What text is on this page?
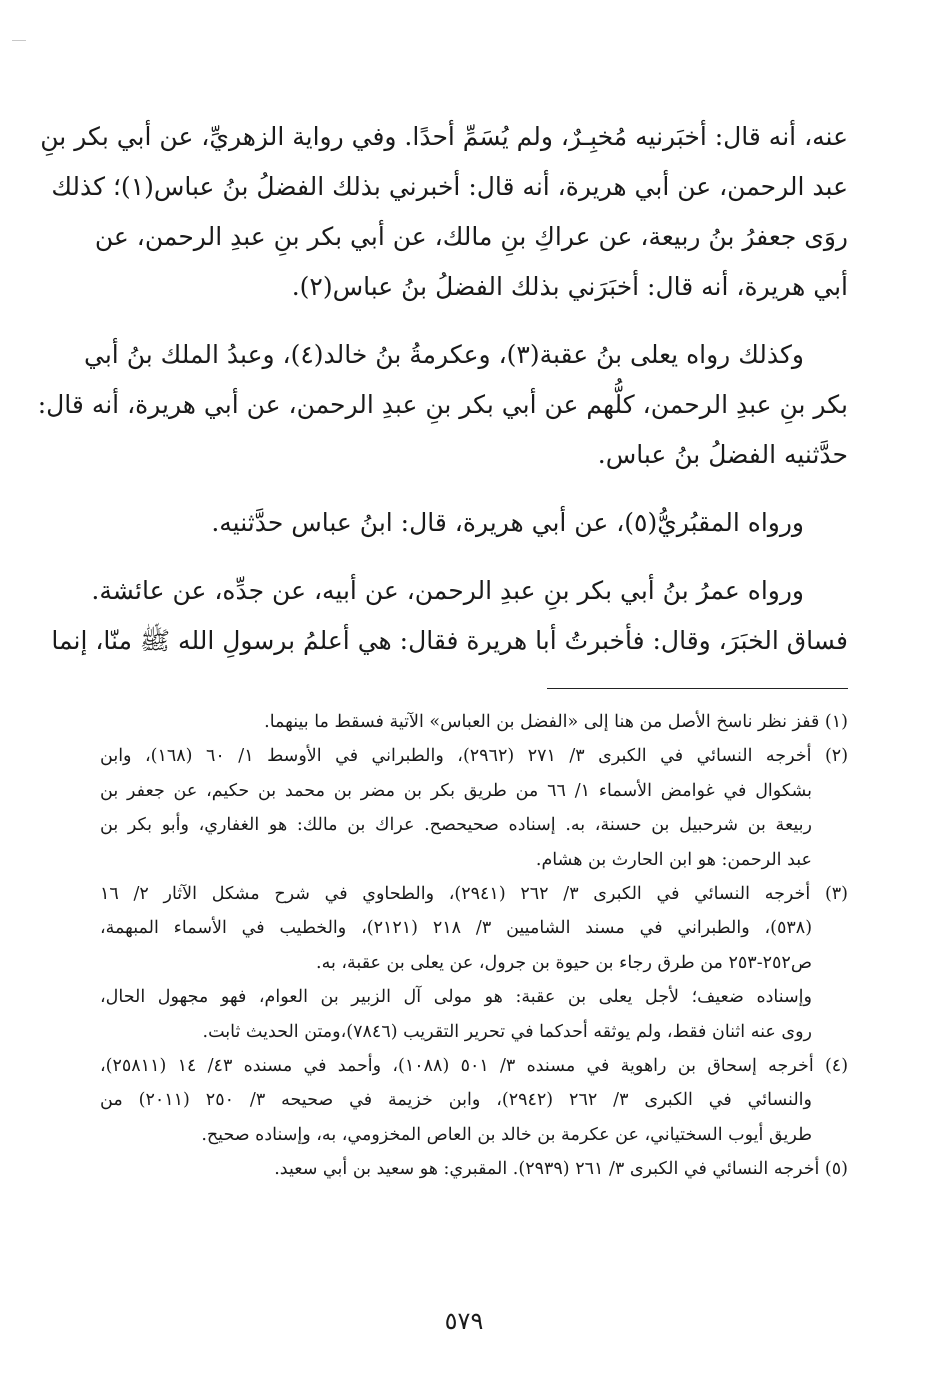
عنه، أنه قال: أخبَرنيه مُخبِـرٌ، ولم يُسَمِّ أحدًا. وفي رواية الزهريِّ، عن أبي بكر بنِ
عبد الرحمن، عن أبي هريرة، أنه قال: أخبرني بذلك الفضلُ بنُ عباس(١)؛ كذلك
روَى جعفرُ بنُ ربيعة، عن عراكِ بنِ مالك، عن أبي بكر بنِ عبدِ الرحمن، عن
أبي هريرة، أنه قال: أخبَرَني بذلك الفضلُ بنُ عباس(٢).
وكذلك رواه يعلى بنُ عقبة(٣)، وعكرمةُ بنُ خالد(٤)، وعبدُ الملك بنُ أبي
بكر بنِ عبدِ الرحمن، كلُّهم عن أبي بكر بنِ عبدِ الرحمن، عن أبي هريرة، أنه قال:
حدَّثنيه الفضلُ بنُ عباس.
ورواه المقبُريُّ(٥)، عن أبي هريرة، قال: ابنُ عباس حدَّثنيه.
ورواه عمرُ بنُ أبي بكر بنِ عبدِ الرحمن، عن أبيه، عن جدِّه، عن عائشة.
فساق الخبَرَ، وقال: فأخبرتُ أبا هريرة فقال: هي أعلمُ برسولِ الله ﷺ منّا، إنما
(١) قفز نظر ناسخ الأصل من هنا إلى «الفضل بن العباس» الآتية فسقط ما بينهما.
(٢) أخرجه النسائي في الكبرى ٣/ ٢٧١ (٢٩٦٢)، والطبراني في الأوسط ١/ ٦٠ (١٦٨)، وابن
بشكوال في غوامض الأسماء ١/ ٦٦ من طريق بكر بن مضر بن محمد بن حكيم، عن جعفر بن
ربيعة بن شرحبيل بن حسنة، به. إسناده صحيحصح. عراك بن مالك: هو الغفاري، وأبو بكر بن
عبد الرحمن: هو ابن الحارث بن هشام.
(٣) أخرجه النسائي في الكبرى ٣/ ٢٦٢ (٢٩٤١)، والطحاوي في شرح مشكل الآثار ٢/ ١٦
(٥٣٨)، والطبراني في مسند الشاميين ٣/ ٢١٨ (٢١٢١)، والخطيب في الأسماء المبهمة،
ص٢٥٢-٢٥٣ من طرق رجاء بن حيوة بن جرول، عن يعلى بن عقبة، به.
وإسناده ضعيف؛ لأجل يعلى بن عقبة: هو مولى آل الزبير بن العوام، فهو مجهول الحال،
روى عنه اثنان فقط، ولم يوثقه أحدكما في تحرير التقريب (٧٨٤٦)،ومتن الحديث ثابت.
(٤) أخرجه إسحاق بن راهوية في مسنده ٣/ ٥٠١ (١٠٨٨)، وأحمد في مسنده ٤٣/ ١٤ (٢٥٨١١)،
والنسائي في الكبرى ٣/ ٢٦٢ (٢٩٤٢)، وابن خزيمة في صحيحه ٣/ ٢٥٠ (٢٠١١) من
طريق أيوب السختياني، عن عكرمة بن خالد بن العاص المخزومي، به، وإسناده صحيح.
(٥) أخرجه النسائي في الكبرى ٣/ ٢٦١ (٢٩٣٩). المقبري: هو سعيد بن أبي سعيد.
٥٧٩
